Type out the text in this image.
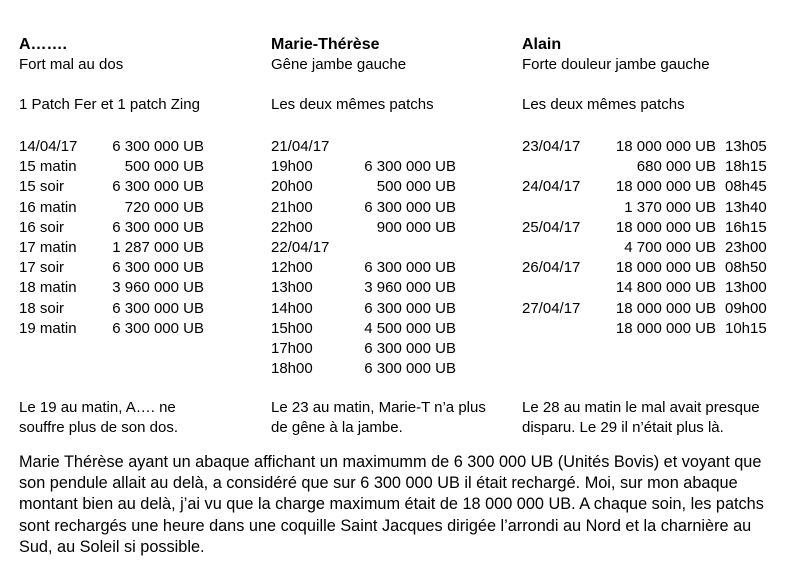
A…….
Fort mal au dos
1 Patch Fer et 1 patch Zing
14/04/17 6 300 000 UB
15 matin	500 000 UB
15 soir	6 300 000 UB
16 matin	720 000 UB
16 soir	6 300 000 UB
17 matin 1 287 000 UB
17 soir	6 300 000 UB
18 matin 3 960 000 UB
18 soir	6 300 000 UB
19 matin 6 300 000 UB
Le 19 au matin, A…. ne souffre plus de son dos.
Marie-Thérèse
Gêne jambe gauche
Les deux mêmes patchs
21/04/17
19h00	6 300 000 UB
20h00	500 000 UB
21h00	6 300 000 UB
22h00	900 000 UB
22/04/17
12h00	6 300 000 UB
13h00	3 960 000 UB
14h00	6 300 000 UB
15h00	4 500 000 UB
17h00	6 300 000 UB
18h00	6 300 000 UB
Le 23 au matin, Marie-T n’a plus de gêne à la jambe.
Alain
Forte douleur jambe gauche
Les deux mêmes patchs
23/04/17 18 000 000 UB 13h05
680 000 UB 18h15
24/04/17 18 000 000 UB 08h45
1 370 000 UB 13h40
25/04/17 18 000 000 UB 16h15
4 700 000 UB 23h00
26/04/17 18 000 000 UB 08h50
14 800 000 UB 13h00
27/04/17 18 000 000 UB 09h00
18 000 000 UB 10h15
Le 28 au matin le mal avait presque disparu. Le 29 il n’était plus là.

Marie Thérèse ayant un abaque affichant un maximumm de 6 300 000 UB (Unités Bovis) et voyant que son pendule allait au delà, a considéré que sur 6 300 000 UB il était rechargé. Moi, sur mon abaque montant bien au delà, j’ai vu que la charge maximum était de 18 000 000 UB. A chaque soin, les patchs sont rechargés une heure dans une coquille Saint Jacques dirigée l’arrondi au Nord et la charnière au Sud, au Soleil si possible.
